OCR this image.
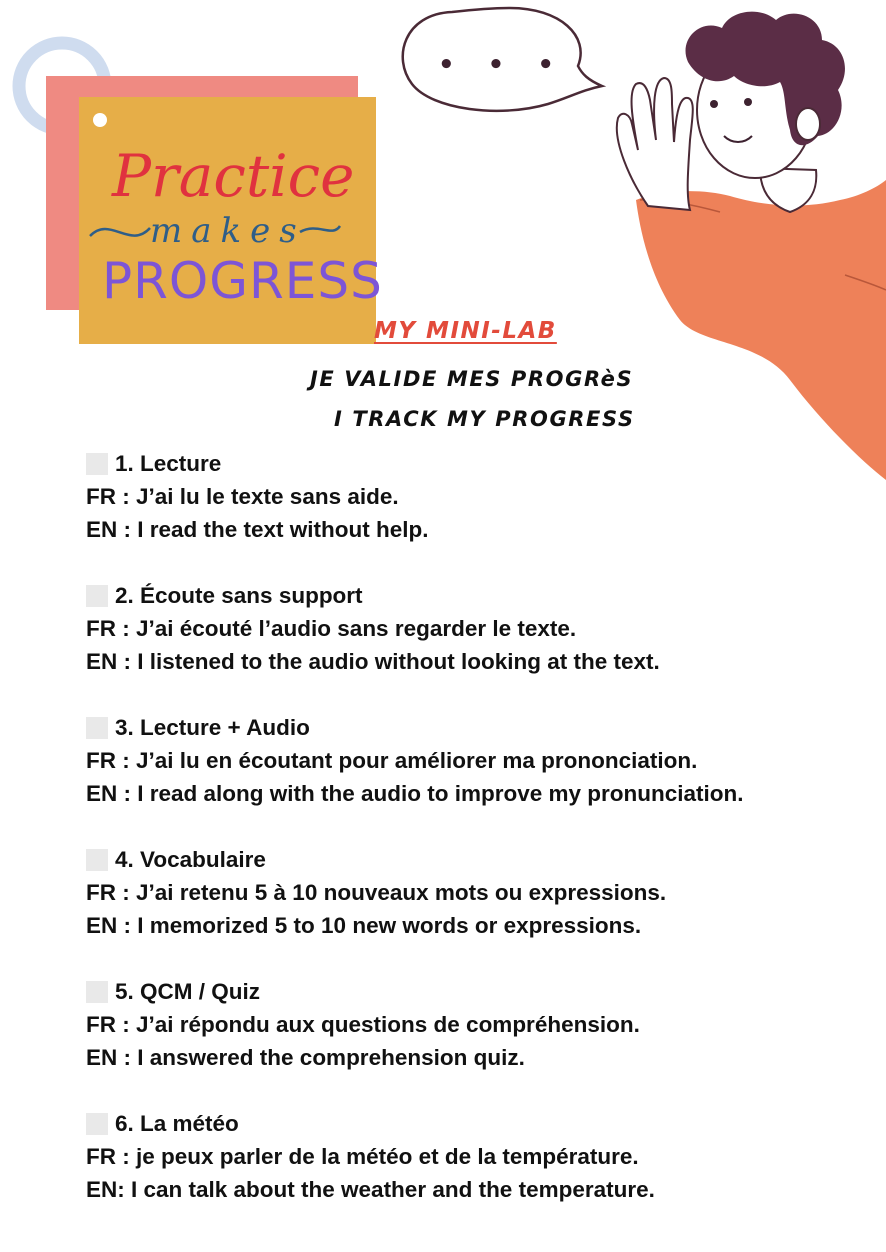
Practice
makes
PROGRESS
• • •
MY MINI-LAB
JE VALIDE MES PROGRèS
I TRACK MY PROGRESS
1. Lecture
FR : J’ai lu le texte sans aide.
EN : I read the text without help.
2. Écoute sans support
FR : J’ai écouté l’audio sans regarder le texte.
EN : I listened to the audio without looking at the text.
3. Lecture + Audio
FR : J’ai lu en écoutant pour améliorer ma prononciation.
EN : I read along with the audio to improve my pronunciation.
4. Vocabulaire
FR : J’ai retenu 5 à 10 nouveaux mots ou expressions.
EN : I memorized 5 to 10 new words or expressions.
5. QCM / Quiz
FR : J’ai répondu aux questions de compréhension.
EN : I answered the comprehension quiz.
6. La météo
FR : je peux parler de la météo et de la température.
EN: I can talk about the weather and the temperature.
